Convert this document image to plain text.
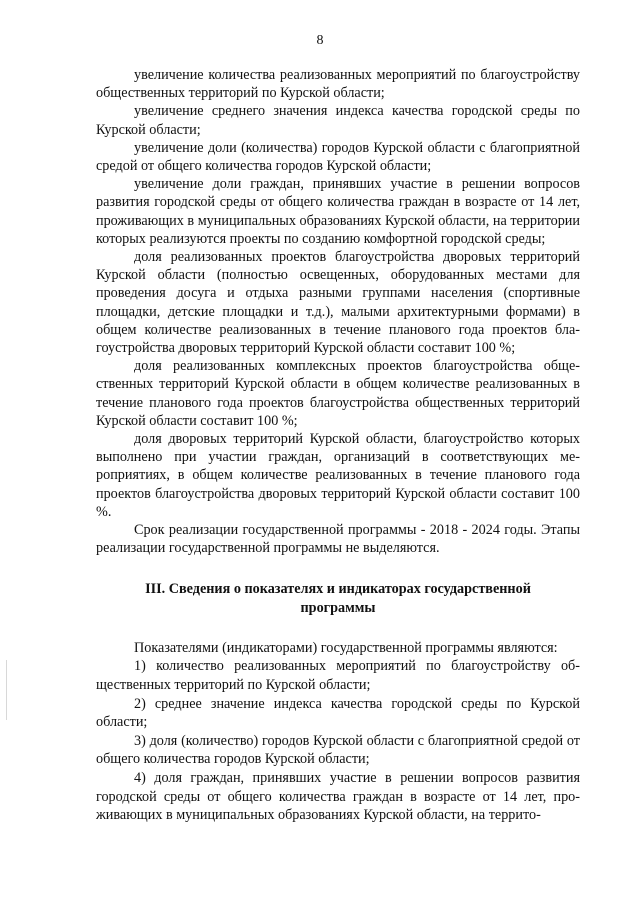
8

увеличение количества реализованных мероприятий по благоустройству общественных территорий по Курской области;

увеличение среднего значения индекса качества городской среды по Курской области;

увеличение доли (количества) городов Курской области с благоприятной средой от общего количества городов Курской области;

увеличение доли граждан, принявших участие в решении вопросов развития городской среды от общего количества граждан в возрасте от 14 лет, проживающих в муниципальных образованиях Курской области, на территории которых реализуются проекты по созданию комфортной городской среды;

доля реализованных проектов благоустройства дворовых территорий Курской области (полностью освещенных, оборудованных местами для проведения досуга и отдыха разными группами населения (спортивные площадки, детские площадки и т.д.), малыми архитектурными формами) в общем количестве реализованных в течение планового года проектов благоустройства дворовых территорий Курской области составит 100 %;

доля реализованных комплексных проектов благоустройства общественных территорий Курской области в общем количестве реализованных в течение планового года проектов благоустройства общественных территорий Курской области составит 100 %;

доля дворовых территорий Курской области, благоустройство которых выполнено при участии граждан, организаций в соответствующих мероприятиях, в общем количестве реализованных в течение планового года проектов благоустройства дворовых территорий Курской области составит 100 %.

Срок реализации государственной программы - 2018 - 2024 годы. Этапы реализации государственной программы не выделяются.

III. Сведения о показателях и индикаторах государственной
программы

Показателями (индикаторами) государственной программы являются:

1) количество реализованных мероприятий по благоустройству общественных территорий по Курской области;

2) среднее значение индекса качества городской среды по Курской области;

3) доля (количество) городов Курской области с благоприятной средой от общего количества городов Курской области;

4) доля граждан, принявших участие в решении вопросов развития городской среды от общего количества граждан в возрасте от 14 лет, проживающих в муниципальных образованиях Курской области, на террито-
